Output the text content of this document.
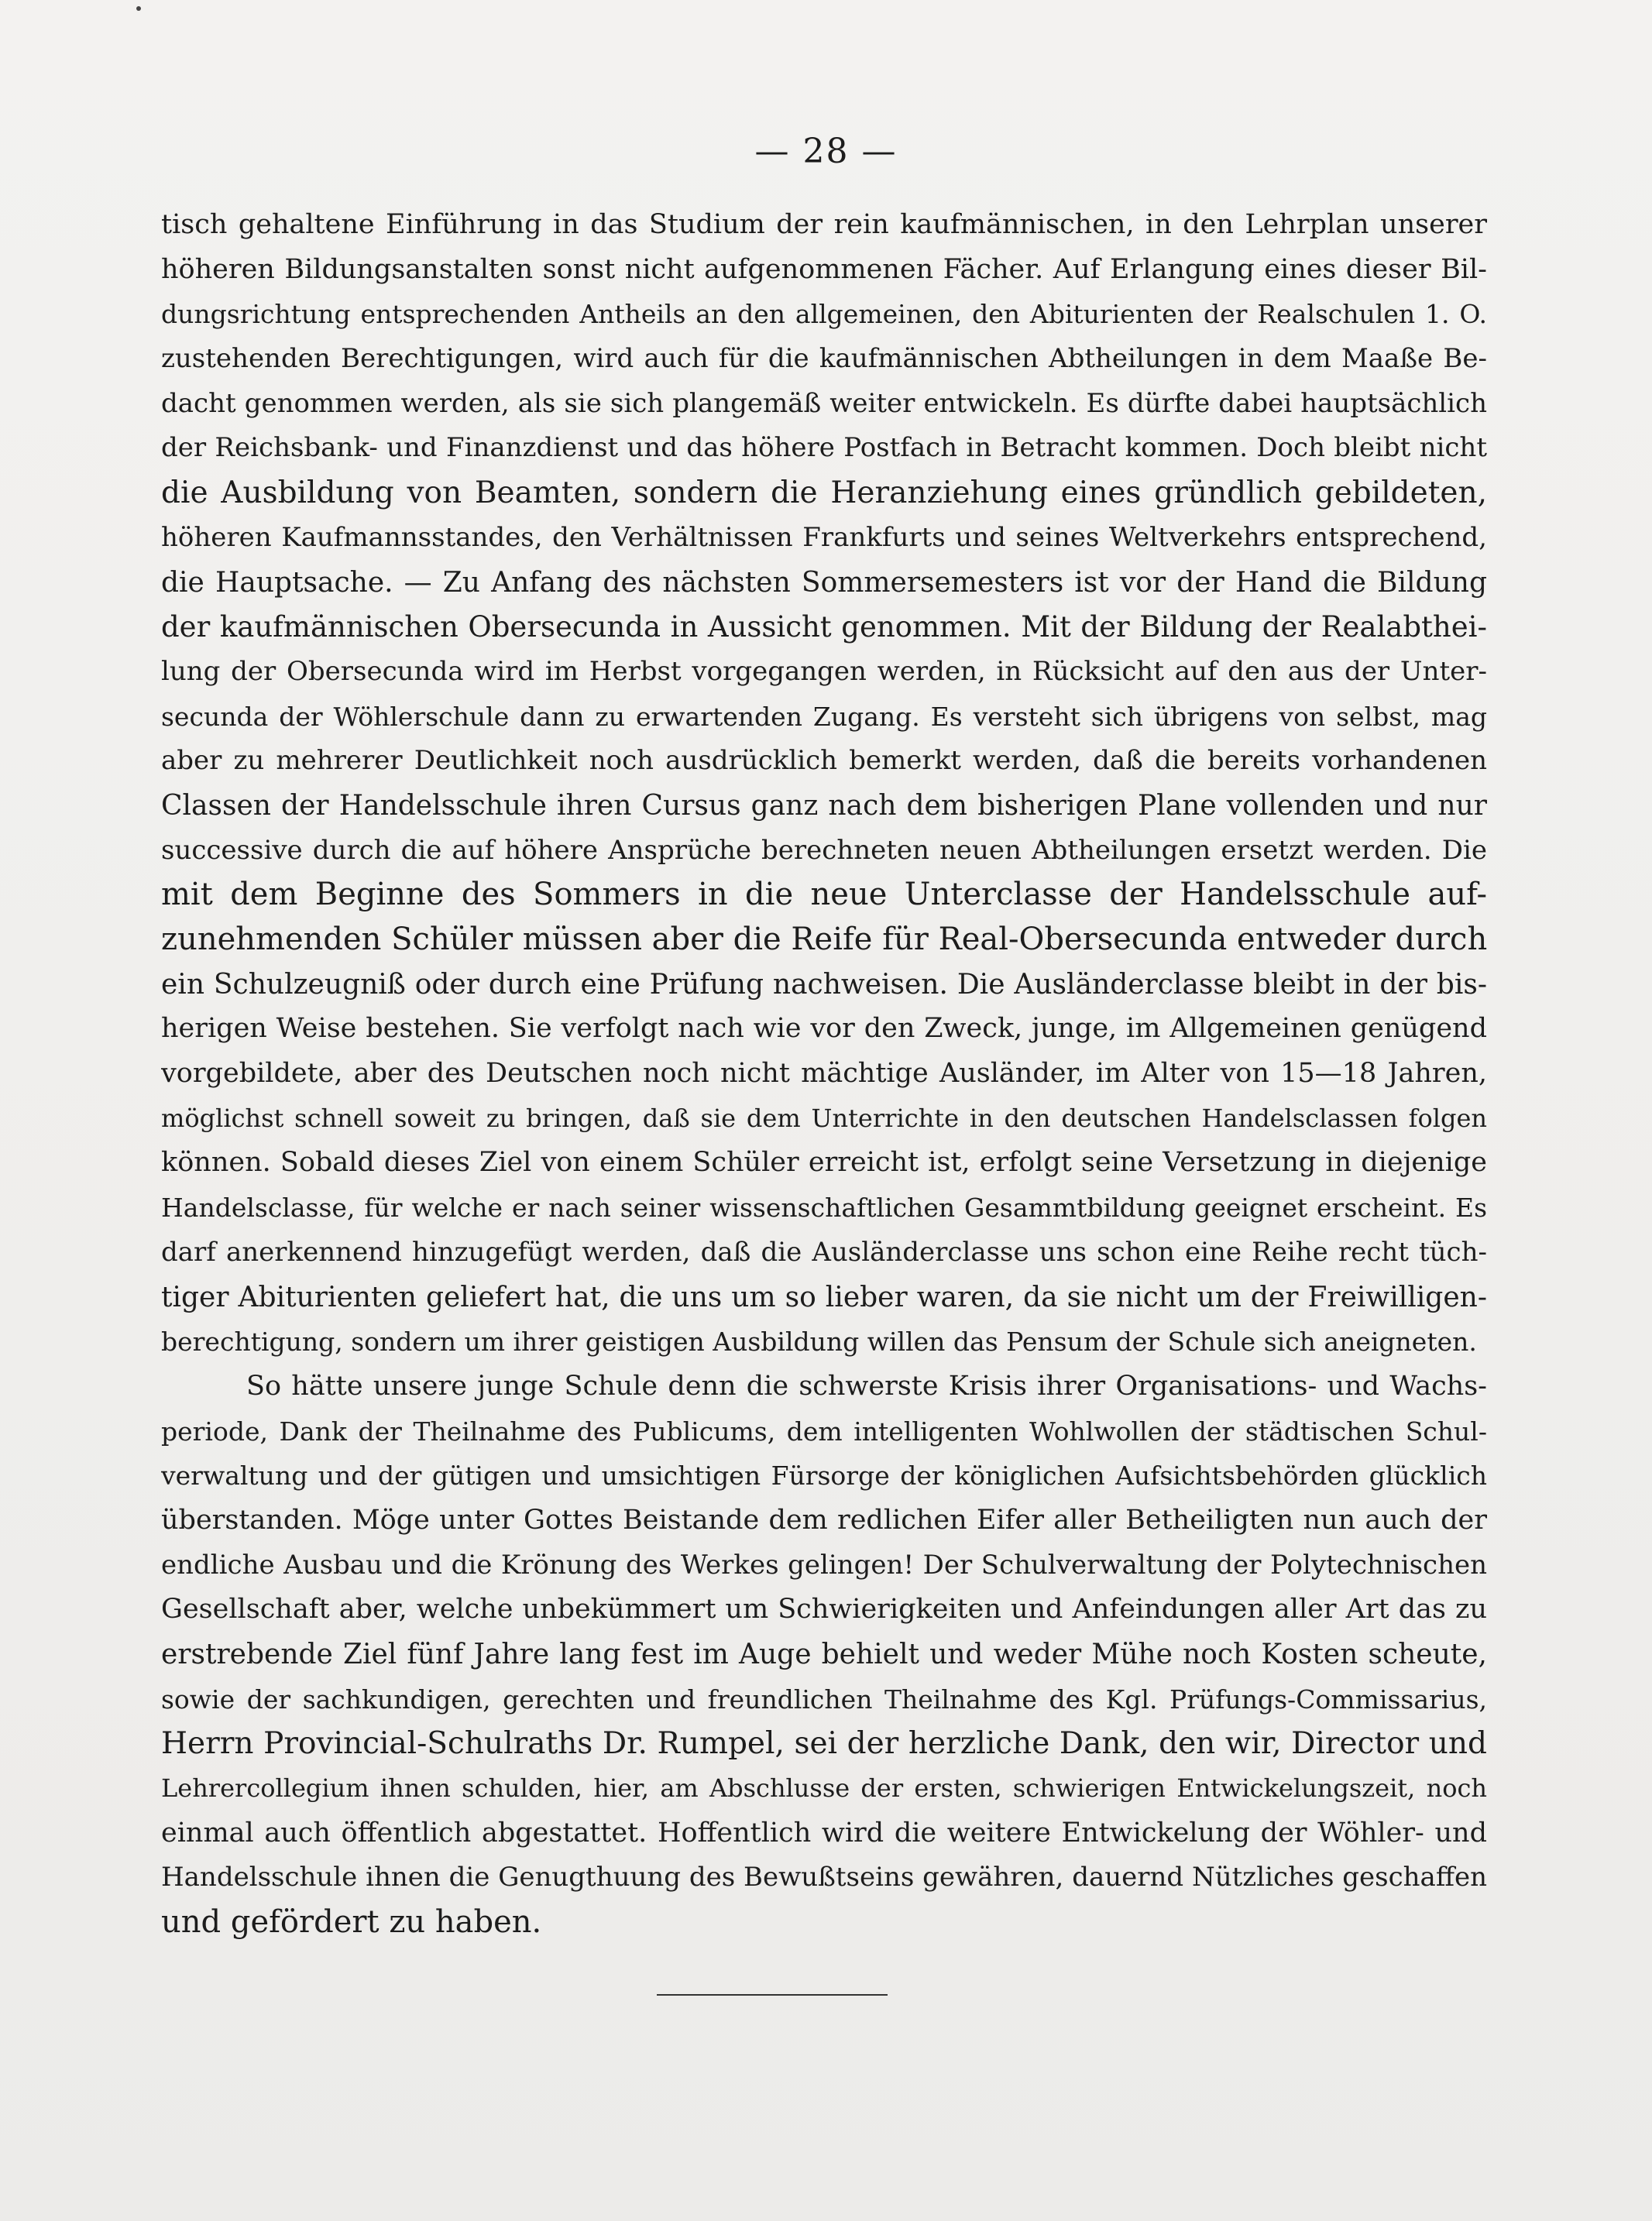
— 28 —
tisch gehaltene Einführung in das Studium der rein kaufmännischen, in den Lehrplan unserer
höheren Bildungsanstalten sonst nicht aufgenommenen Fächer. Auf Erlangung eines dieser Bil-
dungsrichtung entsprechenden Antheils an den allgemeinen, den Abiturienten der Realschulen 1. O.
zustehenden Berechtigungen, wird auch für die kaufmännischen Abtheilungen in dem Maaße Be-
dacht genommen werden, als sie sich plangemäß weiter entwickeln. Es dürfte dabei hauptsächlich
der Reichsbank- und Finanzdienst und das höhere Postfach in Betracht kommen. Doch bleibt nicht
die Ausbildung von Beamten, sondern die Heranziehung eines gründlich gebildeten,
höheren Kaufmannsstandes, den Verhältnissen Frankfurts und seines Weltverkehrs entsprechend,
die Hauptsache. — Zu Anfang des nächsten Sommersemesters ist vor der Hand die Bildung
der kaufmännischen Obersecunda in Aussicht genommen. Mit der Bildung der Realabthei-
lung der Obersecunda wird im Herbst vorgegangen werden, in Rücksicht auf den aus der Unter-
secunda der Wöhlerschule dann zu erwartenden Zugang. Es versteht sich übrigens von selbst, mag
aber zu mehrerer Deutlichkeit noch ausdrücklich bemerkt werden, daß die bereits vorhandenen
Classen der Handelsschule ihren Cursus ganz nach dem bisherigen Plane vollenden und nur
successive durch die auf höhere Ansprüche berechneten neuen Abtheilungen ersetzt werden. Die
mit dem Beginne des Sommers in die neue Unterclasse der Handelsschule auf-
zunehmenden Schüler müssen aber die Reife für Real-Obersecunda entweder durch
ein Schulzeugniß oder durch eine Prüfung nachweisen. Die Ausländerclasse bleibt in der bis-
herigen Weise bestehen. Sie verfolgt nach wie vor den Zweck, junge, im Allgemeinen genügend
vorgebildete, aber des Deutschen noch nicht mächtige Ausländer, im Alter von 15—18 Jahren,
möglichst schnell soweit zu bringen, daß sie dem Unterrichte in den deutschen Handelsclassen folgen
können. Sobald dieses Ziel von einem Schüler erreicht ist, erfolgt seine Versetzung in diejenige
Handelsclasse, für welche er nach seiner wissenschaftlichen Gesammtbildung geeignet erscheint. Es
darf anerkennend hinzugefügt werden, daß die Ausländerclasse uns schon eine Reihe recht tüch-
tiger Abiturienten geliefert hat, die uns um so lieber waren, da sie nicht um der Freiwilligen-
berechtigung, sondern um ihrer geistigen Ausbildung willen das Pensum der Schule sich aneigneten.
So hätte unsere junge Schule denn die schwerste Krisis ihrer Organisations- und Wachs-
periode, Dank der Theilnahme des Publicums, dem intelligenten Wohlwollen der städtischen Schul-
verwaltung und der gütigen und umsichtigen Fürsorge der königlichen Aufsichtsbehörden glücklich
überstanden. Möge unter Gottes Beistande dem redlichen Eifer aller Betheiligten nun auch der
endliche Ausbau und die Krönung des Werkes gelingen! Der Schulverwaltung der Polytechnischen
Gesellschaft aber, welche unbekümmert um Schwierigkeiten und Anfeindungen aller Art das zu
erstrebende Ziel fünf Jahre lang fest im Auge behielt und weder Mühe noch Kosten scheute,
sowie der sachkundigen, gerechten und freundlichen Theilnahme des Kgl. Prüfungs-Commissarius,
Herrn Provincial-Schulraths Dr. Rumpel, sei der herzliche Dank, den wir, Director und
Lehrercollegium ihnen schulden, hier, am Abschlusse der ersten, schwierigen Entwickelungszeit, noch
einmal auch öffentlich abgestattet. Hoffentlich wird die weitere Entwickelung der Wöhler- und
Handelsschule ihnen die Genugthuung des Bewußtseins gewähren, dauernd Nützliches geschaffen
und gefördert zu haben.
